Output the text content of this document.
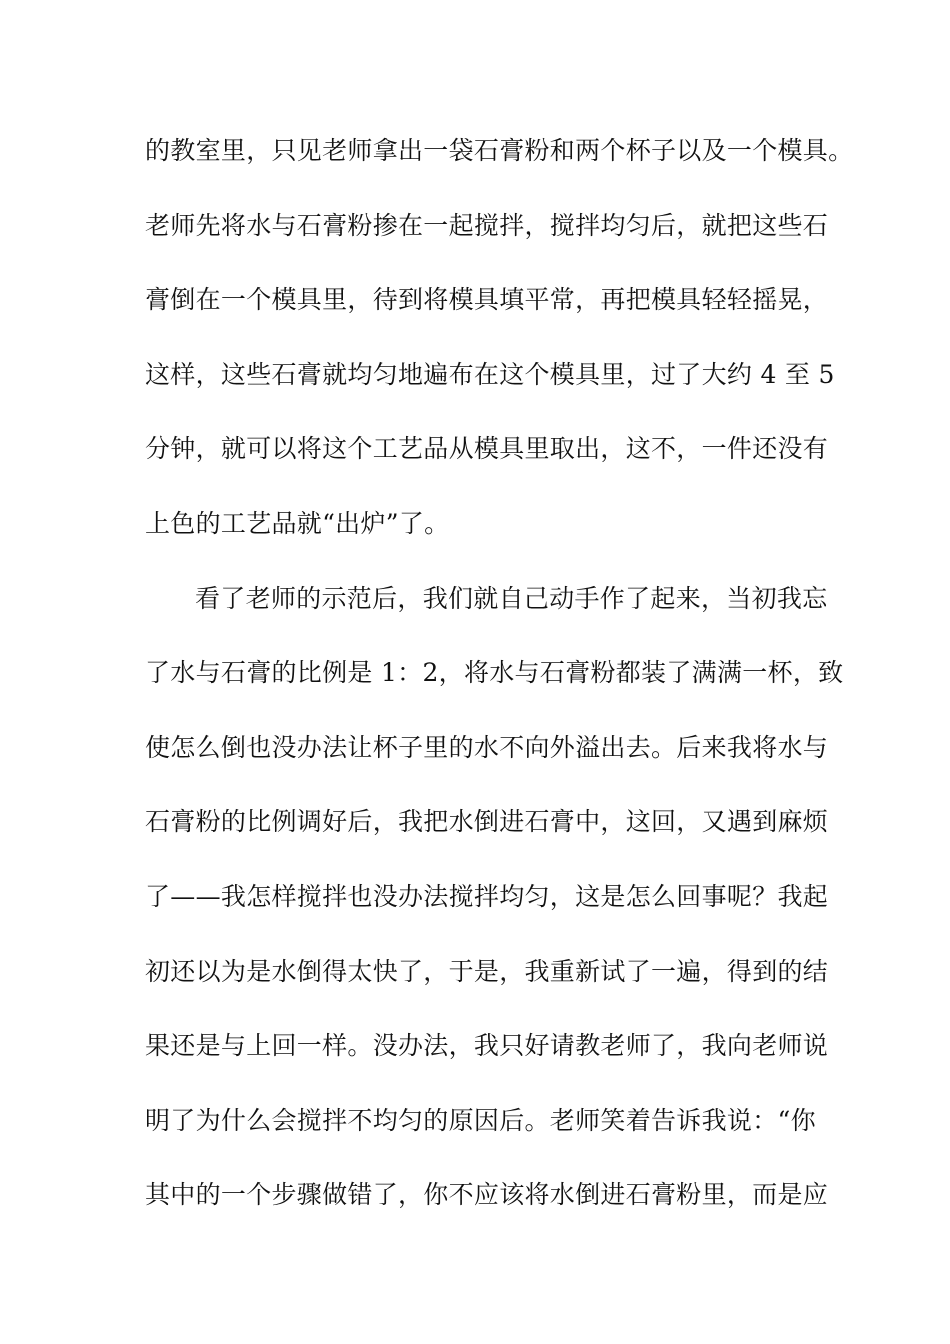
的教室里，只见老师拿出一袋石膏粉和两个杯子以及一个模具。
老师先将水与石膏粉掺在一起搅拌，搅拌均匀后，就把这些石
膏倒在一个模具里，待到将模具填平常，再把模具轻轻摇晃，
这样，这些石膏就均匀地遍布在这个模具里，过了大约 4 至 5
分钟，就可以将这个工艺品从模具里取出，这不，一件还没有
上色的工艺品就“出炉”了。
看了老师的示范后，我们就自己动手作了起来，当初我忘
了水与石膏的比例是 1：2，将水与石膏粉都装了满满一杯，致
使怎么倒也没办法让杯子里的水不向外溢出去。后来我将水与
石膏粉的比例调好后，我把水倒进石膏中，这回，又遇到麻烦
了——我怎样搅拌也没办法搅拌均匀，这是怎么回事呢？我起
初还以为是水倒得太快了，于是，我重新试了一遍，得到的结
果还是与上回一样。没办法，我只好请教老师了，我向老师说
明了为什么会搅拌不均匀的原因后。老师笑着告诉我说：“你
其中的一个步骤做错了，你不应该将水倒进石膏粉里，而是应
